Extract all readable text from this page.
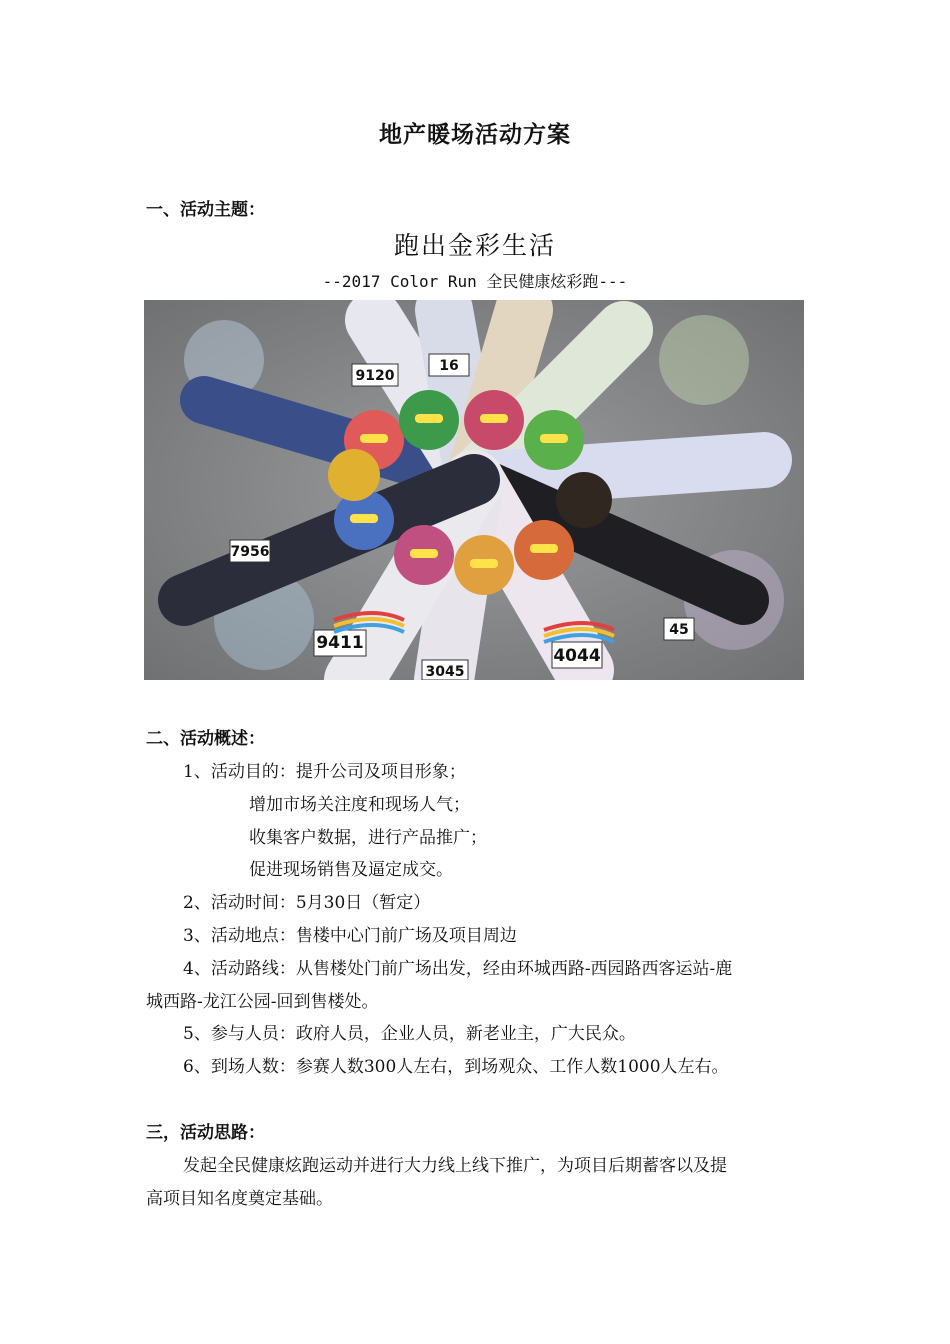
地产暖场活动方案
一、活动主题：
跑出金彩生活
--2017 Color Run 全民健康炫彩跑---
9120
16
9411
4044
7956
3045
45
二、活动概述：
1、活动目的：提升公司及项目形象；
增加市场关注度和现场人气；
收集客户数据，进行产品推广；
促进现场销售及逼定成交。
2、活动时间：5月30日（暂定）
3、活动地点：售楼中心门前广场及项目周边
4、活动路线：从售楼处门前广场出发，经由环城西路-西园路西客运站-鹿
城西路-龙江公园-回到售楼处。
5、参与人员：政府人员，企业人员，新老业主，广大民众。
6、到场人数：参赛人数300人左右，到场观众、工作人数1000人左右。
三，活动思路：
发起全民健康炫跑运动并进行大力线上线下推广，为项目后期蓄客以及提
高项目知名度奠定基础。
